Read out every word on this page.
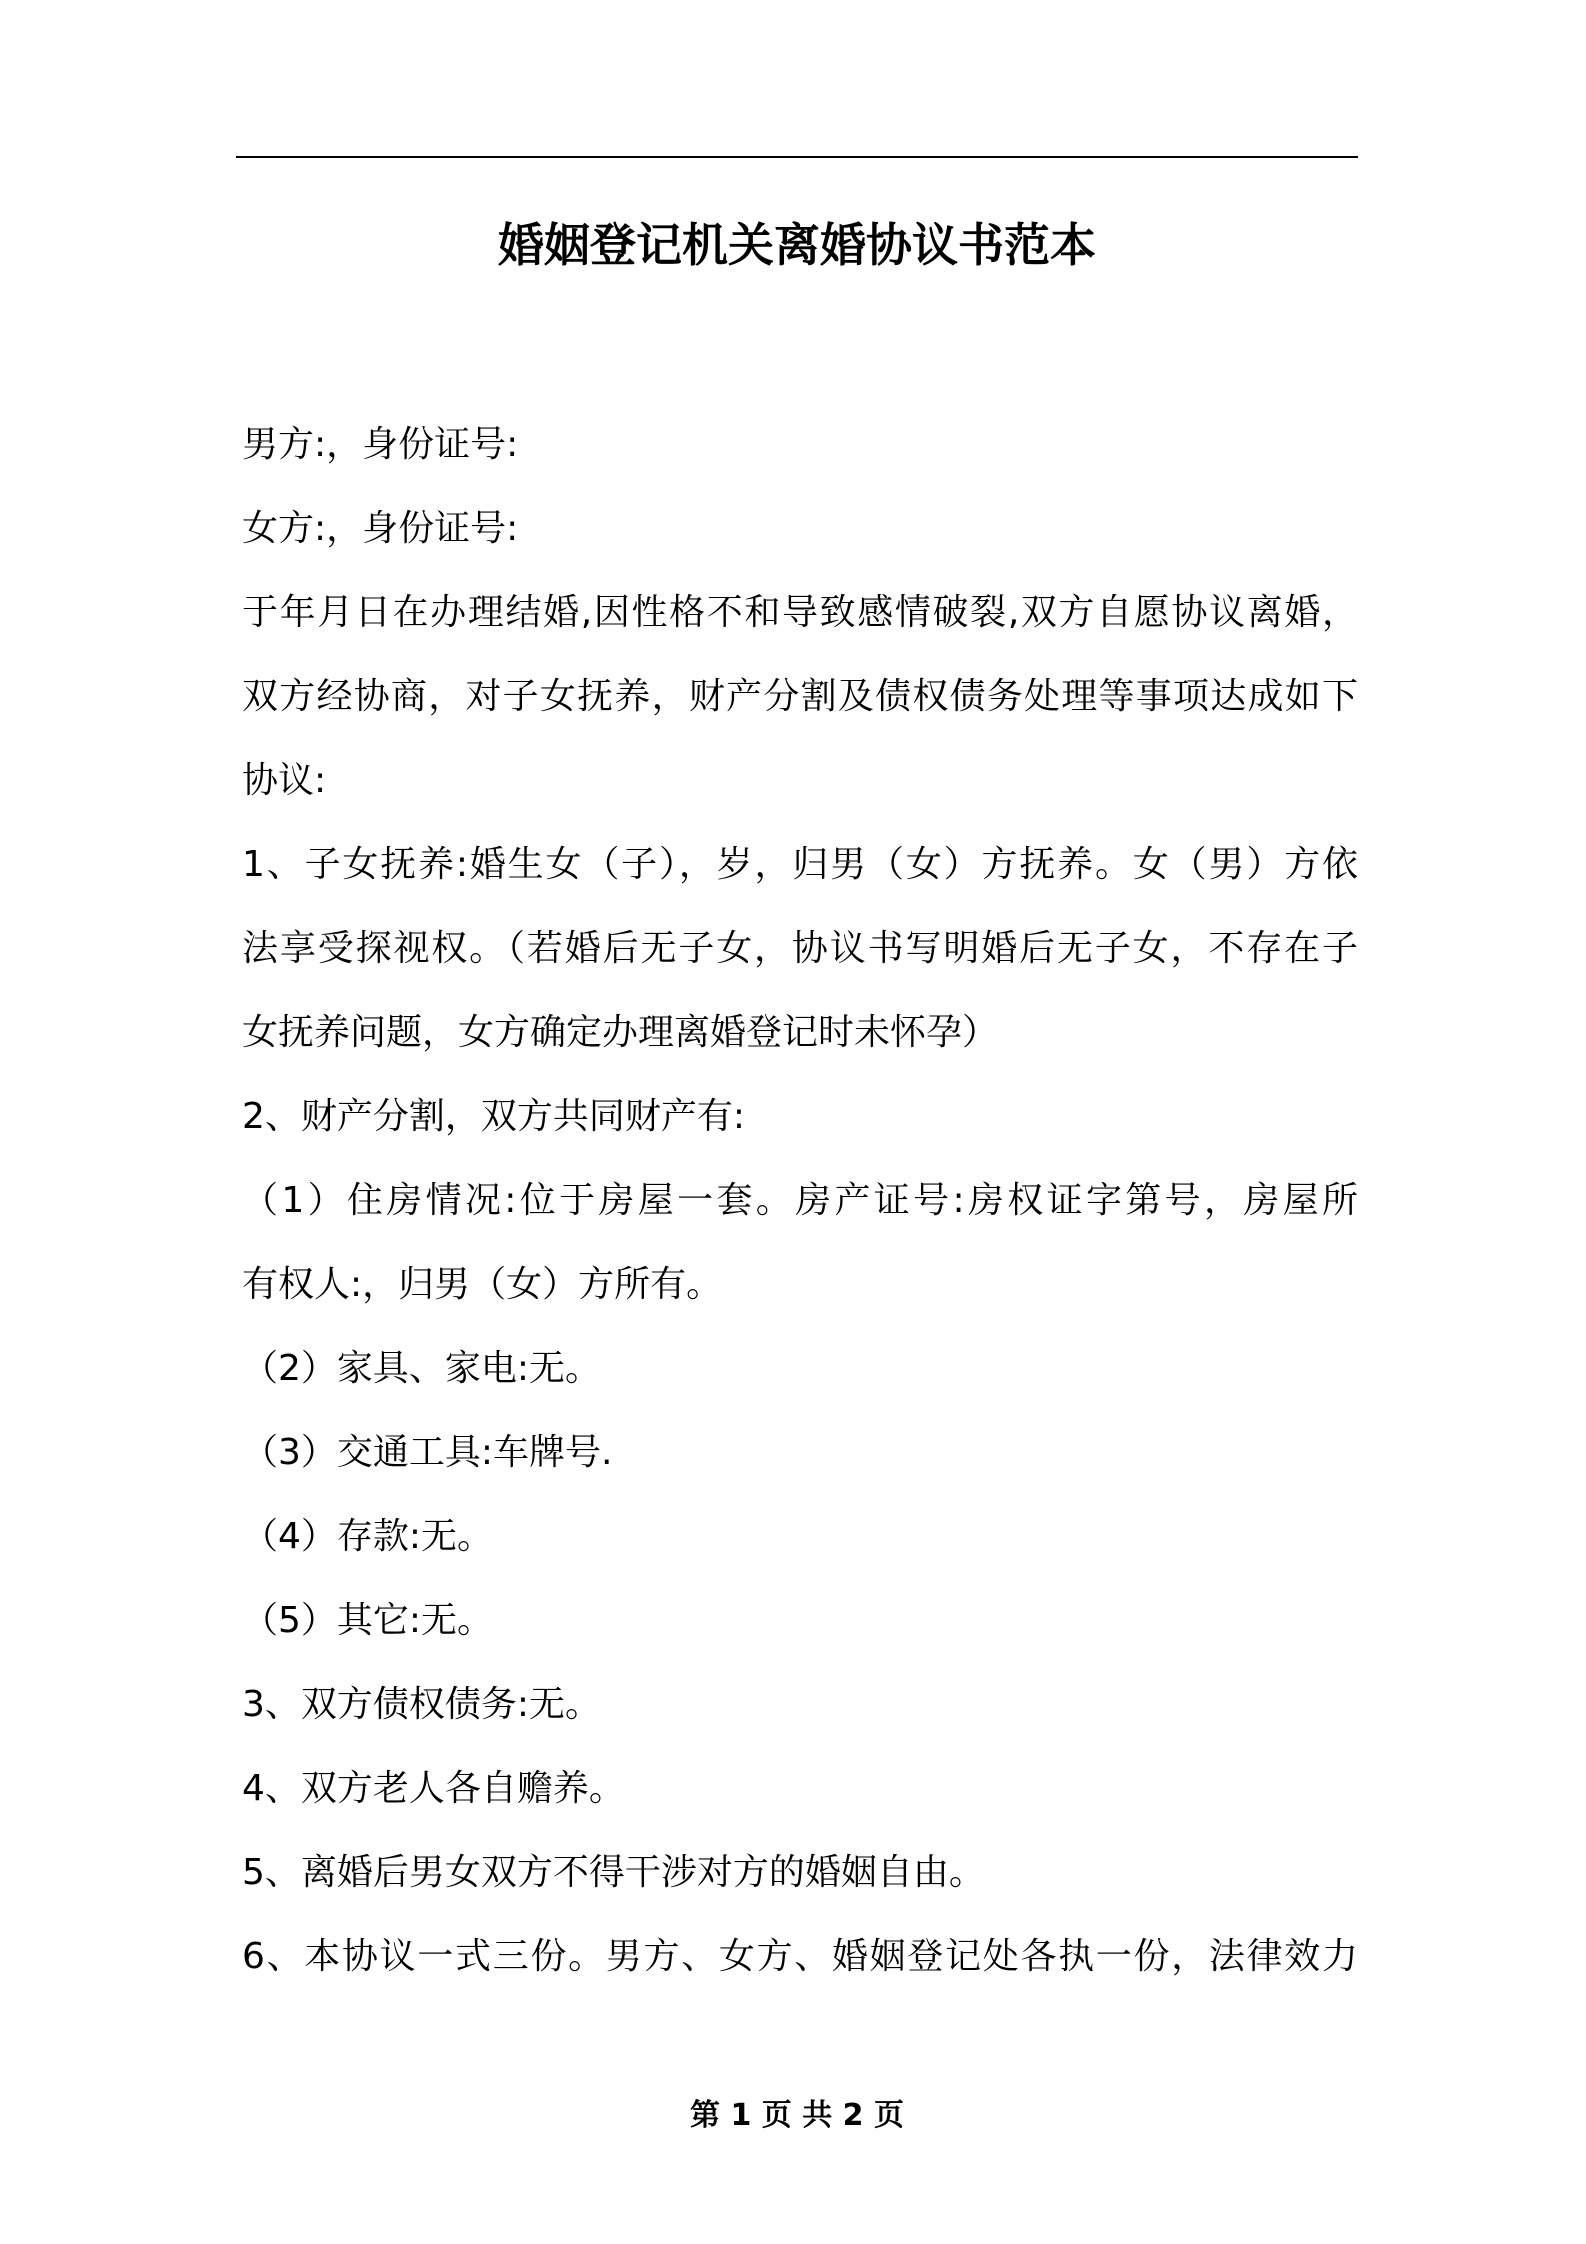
婚姻登记机关离婚协议书范本

男方:，身份证号:

女方:，身份证号:

于年月日在办理结婚,因性格不和导致感情破裂,双方自愿协议离婚，
双方经协商，对子女抚养，财产分割及债权债务处理等事项达成如下
协议:
1、子女抚养:婚生女（子），岁，归男（女）方抚养。女（男）方依
法享受探视权。（若婚后无子女，协议书写明婚后无子女，不存在子
女抚养问题，女方确定办理离婚登记时未怀孕）

2、财产分割，双方共同财产有:

（1）住房情况:位于房屋一套。房产证号:房权证字第号，房屋所
有权人:，归男（女）方所有。

（2）家具、家电:无。

（3）交通工具:车牌号.

（4）存款:无。

（5）其它:无。

3、双方债权债务:无。

4、双方老人各自赡养。

5、离婚后男女双方不得干涉对方的婚姻自由。

6、本协议一式三份。男方、女方、婚姻登记处各执一份，法律效力
第 1 页 共 2 页
